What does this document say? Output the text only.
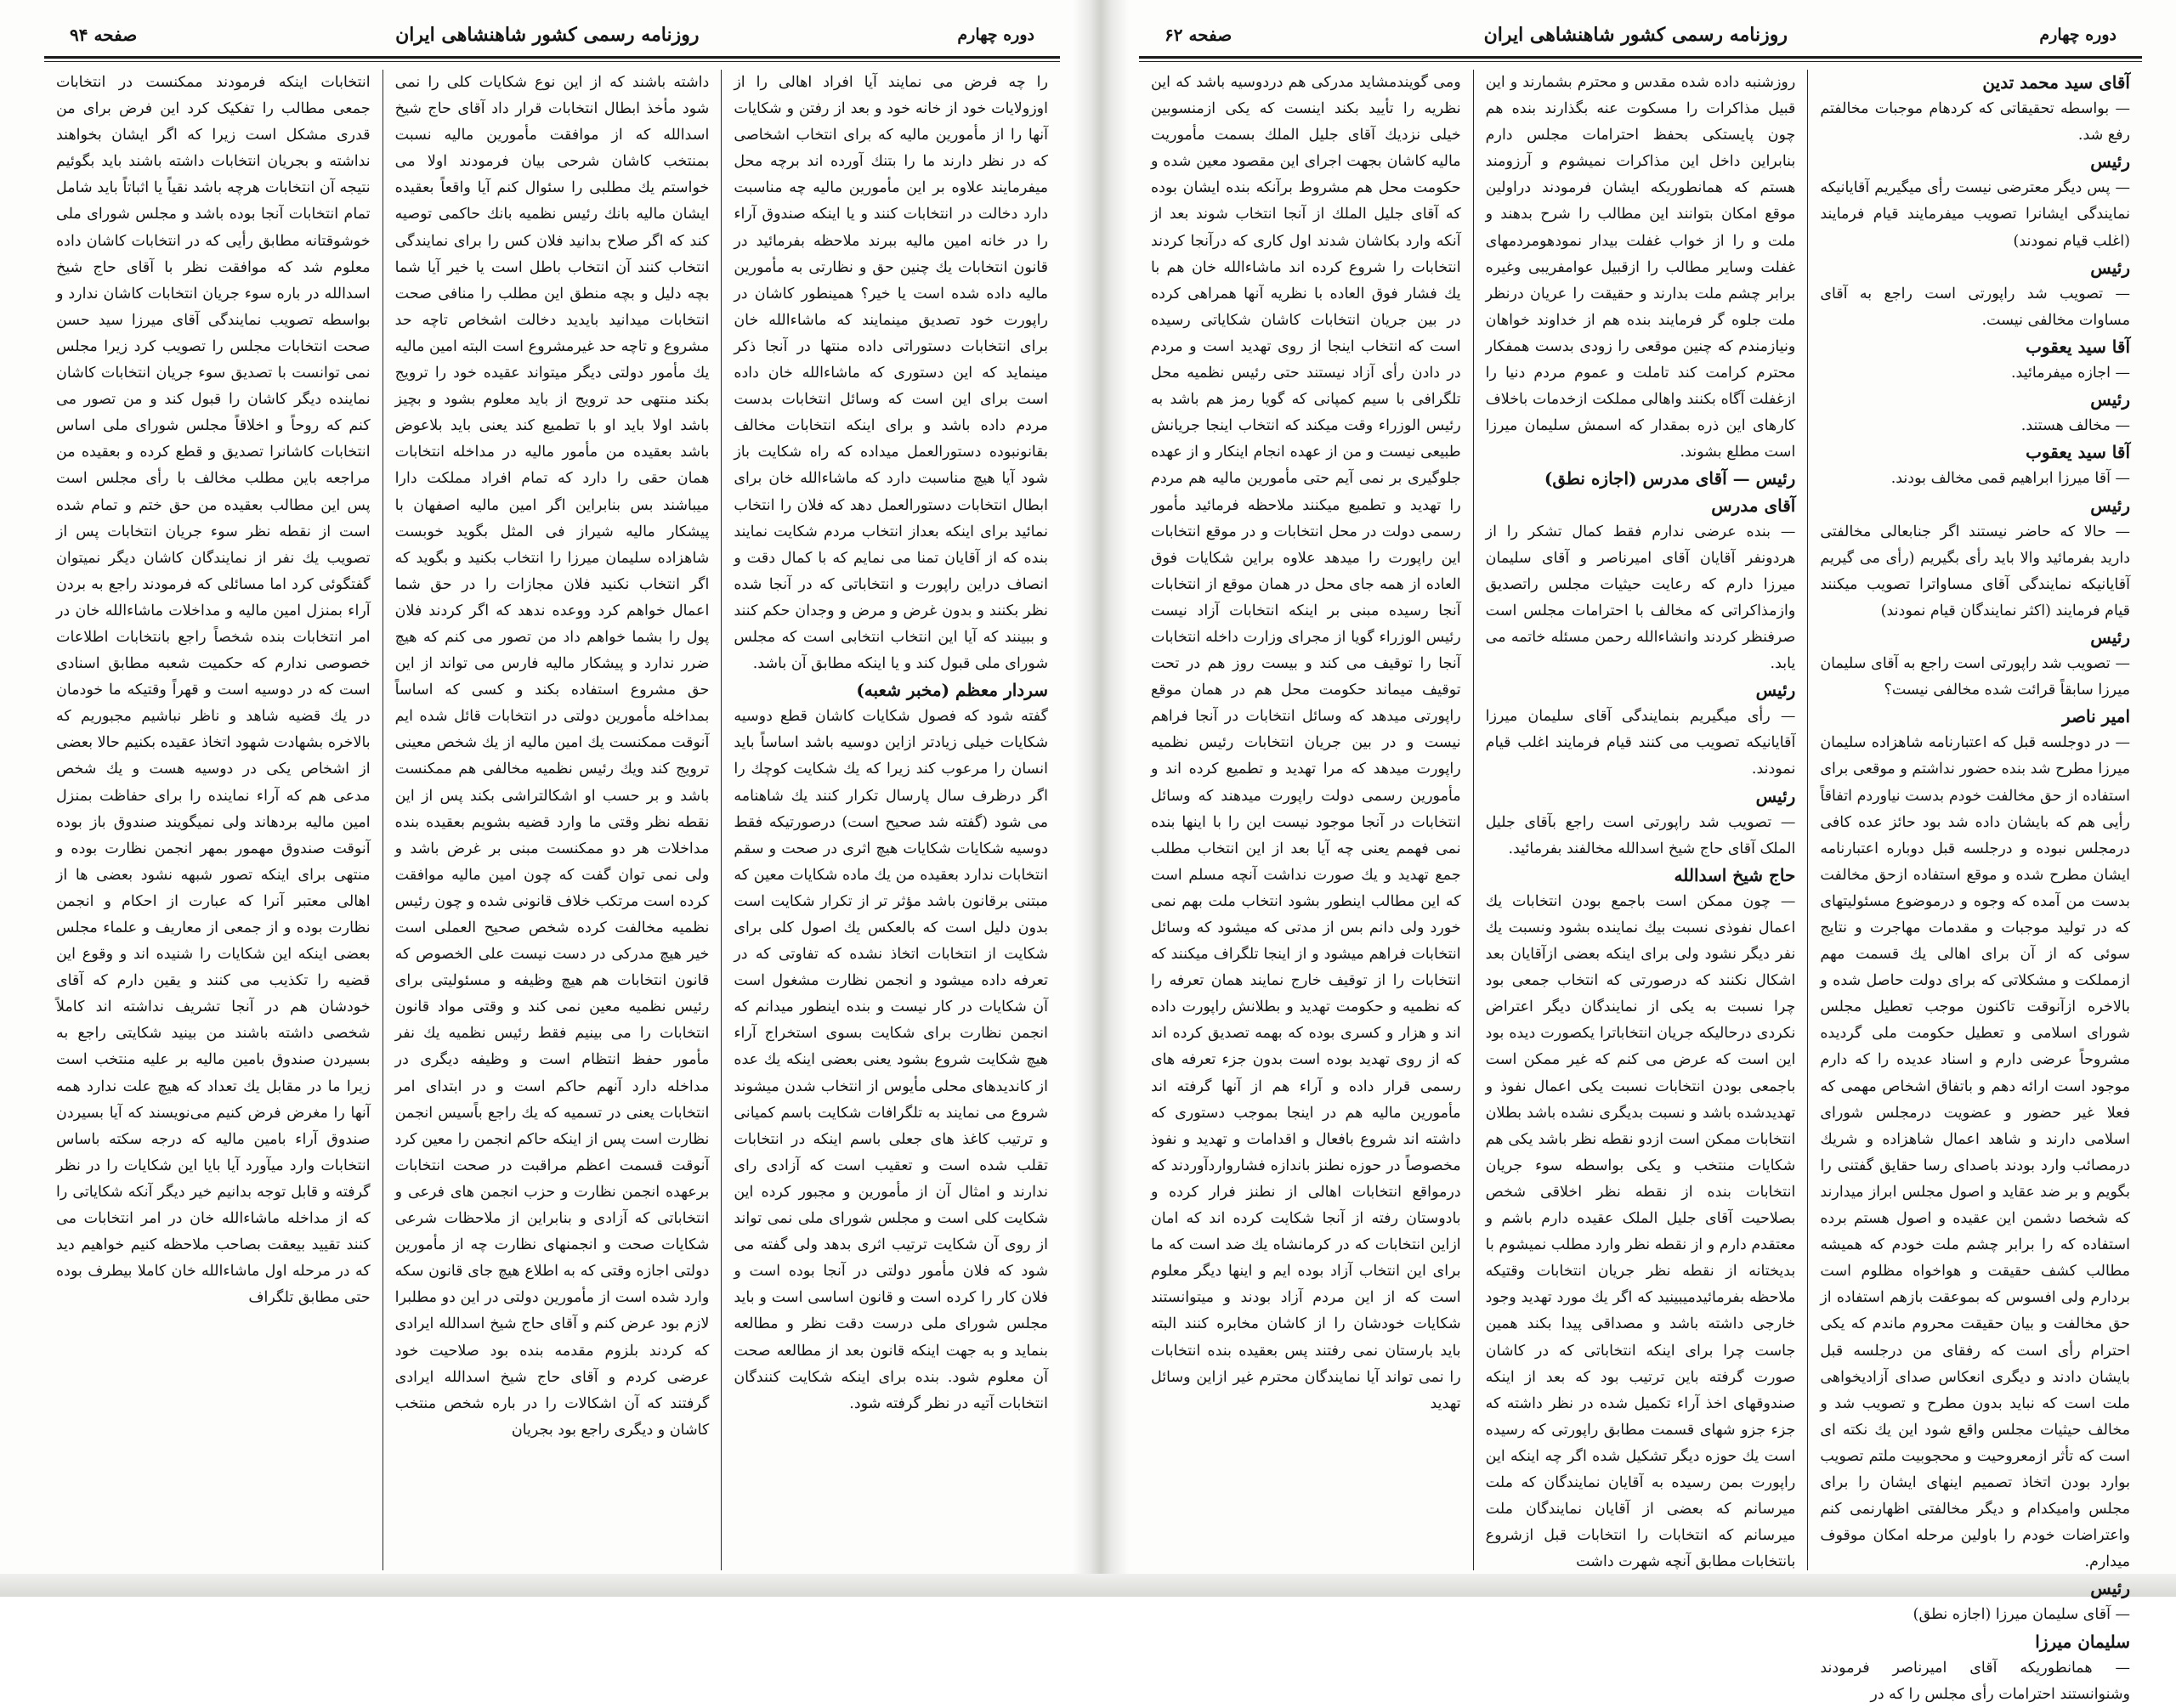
دوره چهارم
روزنامه رسمی کشور شاهنشاهی ایران
صفحه ۹۴

را چه فرض می نمایند آیا افراد اهالی را از اوزولایات خود از خانه خود و بعد از رفتن و شکایات آنها را از مأمورین مالیه که برای انتخاب اشخاصی که در نظر دارند ما را بتنك آورده اند برچه محل میفرمایند علاوه بر این مأمورین مالیه چه مناسبت دارد دخالت در انتخابات کنند و یا اینکه صندوق آراء را در خانه امین مالیه ببرند ملاحظه بفرمائید در قانون انتخابات یك چنین حق و نظارتی به مأمورین مالیه داده شده است یا خیر؟ همینطور کاشان در راپورت خود تصدیق مینمایند که ماشاءالله خان برای انتخابات دستوراتی داده منتها در آنجا ذکر مینماید که این دستوری که ماشاءالله خان داده است برای این است که وسائل انتخابات بدست مردم داده باشد و برای اینکه انتخابات مخالف بقانونبوده دستورالعمل میداده که راه شکایت باز شود آیا هیچ مناسبت دارد که ماشاءالله خان برای ابطال انتخابات دستورالعمل دهد که فلان را انتخاب نمائید برای اینکه بعداز انتخاب مردم شکایت نمایند بنده که از آقایان تمنا می نمایم که با کمال دقت و انصاف دراین راپورت و انتخاباتی که در آنجا شده نظر بکنند و بدون غرض و مرض و وجدان حکم کنند و ببینند که آیا این انتخاب انتخابی است که مجلس شورای ملی قبول کند و یا اینکه مطابق آن باشد.

سردار معظم (مخبر شعبه)

گفته شود که فصول شکایات کاشان قطع دوسیه شکایات خیلی زیادتر ازاین دوسیه باشد اساساً باید انسان را مرعوب کند زیرا که یك شکایت کوچك را اگر درظرف سال پارسال تکرار کنند یك شاهنامه می شود (گفته شد صحیح است) درصورتیکه فقط دوسیه شکایات شکایات هیچ اثری در صحت و سقم انتخابات ندارد بعقیده من یك ماده شکایات معین که مبتنی برقانون باشد مؤثر تر از تکرار شکایت است بدون دلیل است که بالعکس یك اصول کلی برای شکایت از انتخابات اتخاذ نشده که تفاوتی که در تعرفه داده میشود و انجمن نظارت مشغول است آن شکایات در کار نیست و بنده اینطور میدانم که انجمن نظارت برای شکایت بسوی استخراج آراء هیچ شکایت شروع بشود یعنی بعضی اینکه یك عده از کاندیدهای محلی مأیوس از انتخاب شدن میشوند شروع می نمایند به تلگرافات شکایت باسم کمیانی و ترتیب کاغذ های جعلی باسم اینکه در انتخابات تقلب شده است و تعقیب است که آزادی رای ندارند و امثال آن از مأمورین و مجبور کرده این شکایت کلی است و مجلس شورای ملی نمی تواند از روی آن شکایت ترتیب اثری بدهد ولی گفته می شود که فلان مأمور دولتی در آنجا بوده است و فلان کار را کرده است و قانون اساسی است و باید مجلس شورای ملی درست دقت نظر و مطالعه بنماید و به جهت اینکه قانون بعد از مطالعه صحت آن معلوم شود. بنده برای اینکه شکایت کنندگان انتخابات آتیه در نظر گرفته شود.

داشته باشند که از این نوع شکایات کلی را نمی شود مأخذ ابطال انتخابات قرار داد آقای حاج شیخ اسدالله که از موافقت مأمورین مالیه نسبت بمنتخب کاشان شرحی بیان فرمودند اولا می خواستم یك مطلبی را سئوال کنم آیا واقعاً بعقیده ایشان مالیه بانك رئیس نظمیه بانك حاکمی توصیه کند که اگر صلاح بدانید فلان کس را برای نمایندگی انتخاب کنند آن انتخاب باطل است یا خیر آیا شما بچه دلیل و بچه منطق این مطلب را منافی صحت انتخابات میدانید بایدید دخالت اشخاص تاچه حد مشروع و تاچه حد غیرمشروع است البته امین مالیه یك مأمور دولتی دیگر میتواند عقیده خود را ترویج بکند منتهی حد ترویج از باید معلوم بشود و بچیز باشد اولا باید او با تطمیع کند یعنی باید بلاعوض باشد بعقیده من مأمور مالیه در مداخله انتخابات همان حقی را دارد که تمام افراد مملکت دارا میباشند بس بنابراین اگر امین مالیه اصفهان با پیشکار مالیه شیراز فی المثل بگوید خوبست شاهزاده سلیمان میرزا را انتخاب بکنید و بگوید که اگر انتخاب نکنید فلان مجازات را در حق شما اعمال خواهم کرد ووعده ندهد که اگر کردند فلان پول را بشما خواهم داد من تصور می کنم که هیچ ضرر ندارد و پیشکار مالیه فارس می تواند از این حق مشروع استفاده بکند و کسی که اساساً بمداخله مأمورین دولتی در انتخابات قائل شده ایم آنوقت ممکنست یك امین مالیه از یك شخص معینی ترویج کند ویك رئیس نظمیه مخالفی هم ممکنست باشد و بر حسب او اشکالتراشی بکند پس از این نقطه نظر وقتی ما وارد قضیه بشویم بعقیده بنده مداخلات هر دو ممکنست مبنی بر غرض باشد و ولی نمی توان گفت که چون امین مالیه موافقت کرده است مرتکب خلاف قانونی شده و چون رئیس نظمیه مخالفت کرده شخص صحیح العملی است خیر هیچ مدرکی در دست نیست علی الخصوص که قانون انتخابات هم هیچ وظیفه و مسئولیتی برای رئیس نظمیه معین نمی کند و وقتی مواد قانون انتخابات را می بینیم فقط رئیس نظمیه یك نفر مأمور حفظ انتظام است و وظیفه دیگری در مداخله دارد آنهم حاکم است و در ابتدای امر انتخابات یعنی در تسمیه که یك راجع باًسیس انجمن نظارت است پس از اینکه حاکم انجمن را معین کرد آنوقت قسمت اعظم مراقبت در صحت انتخابات برعهده انجمن نظارت و حزب انجمن های فرعی و انتخاباتی که آزادی و بنابراین از ملاحظات شرعی شکایات صحت و انجمنهای نظارت چه از مأمورین دولتی اجازه وقتی که به اطلاع هیچ جای قانون سکه وارد شده است از مأمورین دولتی در این دو مطلبرا لازم بود عرض کنم و آقای حاج شیخ اسدالله ایرادی که کردند بلزوم مقدمه بنده بود صلاحیت خود عرضی کردم و آقای حاج شیخ اسدالله ایرادی گرفتند که آن اشکالات را در باره شخص منتخب کاشان و دیگری راجع بود بجریان

انتخابات اینکه فرمودند ممکنست در انتخابات جمعی مطالب را تفکیک کرد این فرض برای من قدری مشکل است زیرا که اگر ایشان بخواهند نداشته و بجریان انتخابات داشته باشند باید بگوئیم نتیجه آن انتخابات هرچه باشد نقیاً یا اثباتاً باید شامل تمام انتخابات آنجا بوده باشد و مجلس شورای ملی خوشوقتانه مطابق رأیی که در انتخابات کاشان داده معلوم شد که موافقت نظر با آقای حاج شیخ اسدالله در باره سوء جریان انتخابات کاشان ندارد و بواسطه تصویب نمایندگی آقای میرزا سید حسن صحت انتخابات مجلس را تصویب کرد زیرا مجلس نمی توانست با تصدیق سوء جریان انتخابات کاشان نماینده دیگر کاشان را قبول کند و من تصور می کنم که روحاً و اخلاقاً مجلس شورای ملی اساس انتخابات کاشانرا تصدیق و قطع کرده و بعقیده من مراجعه باین مطلب مخالف با رأی مجلس است پس این مطالب بعقیده من حق ختم و تمام شده است از نقطه نظر سوء جریان انتخابات پس از تصویب یك نفر از نمایندگان کاشان دیگر نمیتوان گفتگوئی کرد اما مسائلی که فرمودند راجع به بردن آراء بمنزل امین مالیه و مداخلات ماشاءالله خان در امر انتخابات بنده شخصاً راجع بانتخابات اطلاعات خصوصی ندارم که حکمیت شعبه مطابق اسنادی است که در دوسیه است و قهراً وقتیکه ما خودمان در یك قضیه شاهد و ناظر نباشیم مجبوریم که بالاخره بشهادت شهود اتخاذ عقیده بکنیم حالا بعضی از اشخاص یکی در دوسیه هست و یك شخص مدعی هم که آراء نماینده را برای حفاظت بمنزل امین مالیه بردهاند ولی نمیگویند صندوق باز بوده آنوقت صندوق مهمور بمهر انجمن نظارت بوده و منتهی برای اینکه تصور شبهه نشود بعضی ها از اهالی معتبر آنرا که عبارت از احکام و انجمن نظارت بوده و از جمعی از معاریف و علماء مجلس بعضی اینکه این شکایات را شنیده اند و وقوع این قضیه را تکذیب می کنند و یقین دارم که آقای خودشان هم در آنجا تشریف نداشته اند کاملاً شخصی داشته باشند من بینید شکایتی راجع به بسیردن صندوق بامین مالیه بر علیه منتخب است زیرا ما در مقابل یك تعداد که هیچ علت ندارد همه آنها را مغرض فرض کنیم می‌نویسند که آیا بسیردن صندوق آراء بامین مالیه که درجه سکته باساس انتخابات وارد میآورد آیا بایا این شکایات را در نظر گرفته و قابل توجه بدانیم خیر دیگر آنکه شکایاتی را که از مداخله ماشاءالله خان در امر انتخابات می کنند تقیید بیعقت بصاحب ملاحظه کنیم خواهیم دید که در مرحله اول ماشاءالله خان کاملا بیطرف بوده حتی مطابق تلگراف

دوره چهارم
روزنامه رسمی کشور شاهنشاهی ایران
صفحه ۶۲
آقای سید محمد تدین

— بواسطه تحقیقاتی که کردهام موجبات مخالفتم رفع شد.

رئیس

— پس دیگر معترضی نیست رأی میگیریم آقایانیکه نمایندگی ایشانرا تصویب میفرمایند قیام فرمایند (اغلب قیام نمودند)

رئیس

— تصویب شد راپورتی است راجع به آقای مساوات مخالفی نیست.

آقا سید یعقوب

— اجازه میفرمائید.

رئیس

— مخالف هستند.

آقا سید یعقوب

— آقا میرزا ابراهیم قمی مخالف بودند.

رئیس

— حالا که حاضر نیستند اگر جنابعالی مخالفتی دارید بفرمائید والا باید رأی بگیریم (رأی می گیریم آقایانیکه نمایندگی آقای مساواترا تصویب میکنند قیام فرمایند (اکثر نمایندگان قیام نمودند)

رئیس

— تصویب شد راپورتی است راجع به آقای سلیمان میرزا سابقاً قرائت شده مخالفی نیست؟

امیر ناصر

— در دوجلسه قبل که اعتبارنامه شاهزاده سلیمان میرزا مطرح شد بنده حضور نداشتم و موقعی برای استفاده از حق مخالفت خودم بدست نیاوردم اتفاقاً رأیی هم که بایشان داده شد بود حائز عده کافی درمجلس نبوده و درجلسه قبل دوباره اعتبارنامه ایشان مطرح شده و موقع استفاده ازحق مخالفت بدست من آمده که وجوه و درموضوع مسئولیتهای که در تولید موجبات و مقدمات مهاجرت و نتایج سوئی که از آن برای اهالی یك قسمت مهم ازمملکت و مشکلاتی که برای دولت حاصل شده و بالاخره ازآنوقت تاکنون موجب تعطیل مجلس شورای اسلامی و تعطیل حکومت ملی گردیده مشروحاً عرضی دارم و اسناد عدیده را که دارم موجود است ارائه دهم و باتفاق اشخاص مهمی که فعلا غیر حضور و عضویت درمجلس شورای اسلامی دارند و شاهد اعمال شاهزاده و شریك درمصائب وارد بودند باصدای رسا حقایق گفتنی را بگویم و بر ضد عقاید و اصول مجلس ابراز میدارند که شخصا دشمن این عقیده و اصول هستم برده استفاده که را برابر چشم ملت خودم که همیشه مطالب کشف حقیقت و هواخواه مظلوم است بردارم ولی افسوس که بموعقت بازهم استفاده از حق مخالفت و بیان حقیقت محروم ماندم که یکی احترام رأی است که رفقای من درجلسه قبل بایشان دادند و دیگری انعکاس صدای آزادیخواهی ملت است که نباید بدون مطرح و تصویب شد و مخالف حیثیات مجلس واقع شود این یك نکته ای است که تأثر ازمعروحیت و محجوبیت ملتم تصویب بوارد بودن اتخاذ تصمیم اینهای ایشان را برای مجلس وامیکدام و دیگر مخالفتی اظهارنمی کنم واعتراضات خودم را باولین مرحله امکان موقوف میدارم.

رئیس

— آقای سلیمان میرزا (اجازه نطق)

سلیمان میرزا

— همانطوریکه آقای امیرناصر فرمودند وشنوانستند احترامات رأی مجلس را که در

روزشنبه داده شده مقدس و محترم بشمارند و این قبیل مذاکرات را مسکوت عنه بگذارند بنده هم چون پایستکی بحفظ احترامات مجلس دارم بنابراین داخل این مذاکرات نمیشوم و آرزومند هستم که همانطوریکه ایشان فرمودند دراولین موقع امکان بتوانند این مطالب را شرح بدهند و ملت و را از خواب غفلت بیدار نمودهومردمهای غفلت وسایر مطالب را ازقبیل عوامفریبی وغیره برابر چشم ملت بدارند و حقیقت را عریان درنظر ملت جلوه گر فرمایند بنده هم از خداوند خواهان ونیازمندم که چنین موقعی را زودی بدست همفکار محترم کرامت کند تاملت و عموم مردم دنیا را ازغفلت آگاه بکنند واهالی مملکت ازخدمات باخلاف کارهای این ذره بمقدار که اسمش سلیمان میرزا است مطلع بشوند.

رئیس — آقای مدرس (اجازه نطق)
آقای مدرس

— بنده عرضی ندارم فقط کمال تشکر را از هردونفر آقایان آقای امیرناصر و آقای سلیمان میرزا دارم که رعایت حیثیات مجلس راتصدیق وازمذاکراتی که مخالف با احترامات مجلس است صرفنظر کردند وانشاءالله رحمن مسئله خاتمه می یابد.

رئیس

— رأی میگیریم بنمایندگی آقای سلیمان میرزا آقایانیکه تصویب می کنند قیام فرمایند اغلب قیام نمودند.

رئیس

— تصویب شد راپورتی است راجع بآقای جلیل الملک آقای حاج شیخ اسدالله مخالفند بفرمائید.

حاج شیخ اسدالله

— چون ممکن است باجمع بودن انتخابات یك اعمال نفوذی نسبت بیك نماینده بشود ونسبت یك نفر دیگر نشود ولی برای اینکه بعضی ازآقایان بعد اشکال نکنند که درصورتی که انتخاب جمعی بود چرا نسبت به یکی از نمایندگان دیگر اعتراض نکردی درحالیکه جریان انتخاباترا یکصورت دیده بود این است که عرض می کنم که غیر ممکن است باجمعی بودن انتخابات نسبت یکی اعمال نفوذ و تهدیدشده باشد و نسبت بدیگری نشده باشد بطلان انتخابات ممکن است ازدو نقطه نظر باشد یکی هم شکایات منتخب و یکی بواسطه سوء جریان انتخابات بنده از نقطه نظر اخلاقی شخص بصلاحیت آقای جلیل الملک عقیده دارم باشم و معتقدم دارم و از نقطه نظر وارد مطلب نمیشوم با بدیختانه از نقطه نظر جریان انتخابات وقتیکه ملاحظه بفرمائیدمیبینید که اگر یك مورد تهدید وجود خارجی داشته باشد و مصداقی پیدا بکند همین جاست چرا برای اینکه انتخاباتی که در کاشان صورت گرفته باین ترتیب بود که بعد از اینکه صندوقهای اخذ آراء تکمیل شده در نظر داشته که جزء جزو شهای قسمت مطابق راپورتی که رسیده است یك حوزه دیگر تشکیل شده اگر چه اینکه این راپورت بمن رسیده به آقایان نمایندگان که ملت میرسانم که بعضی از آقایان نمایندگان ملت میرسانم که انتخابات را انتخابات قبل ازشروع بانتخابات مطابق آنچه شهرت داشت

ومی گویندمشاید مدرکی هم دردوسیه باشد که این نظریه را تأیید بکند اینست که یکی ازمنسوبین خیلی نزدیك آقای جلیل الملك بسمت مأموریت مالیه کاشان بجهت اجرای این مقصود معین شده و حکومت محل هم مشروط برآنکه بنده ایشان بوده که آقای جلیل الملك از آنجا انتخاب شوند بعد از آنکه وارد بکاشان شدند اول کاری که درآنجا کردند انتخابات را شروع کرده اند ماشاءالله خان هم با یك فشار فوق العاده با نظریه آنها همراهی کرده در بین جریان انتخابات کاشان شکایاتی رسیده است که انتخاب اینجا از روی تهدید است و مردم در دادن رأی آزاد نیستند حتی رئیس نظمیه محل تلگرافی با سیم کمپانی که گویا رمز هم باشد به رئیس الوزراء وقت میکند که انتخاب اینجا جریانش طبیعی نیست و من از عهده انجام اینکار و از عهده جلوگیری بر نمی آیم حتی مأمورین مالیه هم مردم را تهدید و تطمیع میکنند ملاحظه فرمائید مأمور رسمی دولت در محل انتخابات و در موقع انتخابات این راپورت را میدهد علاوه براین شکایات فوق العاده از همه جای محل در همان موقع از انتخابات آنجا رسیده مبنی بر اینکه انتخابات آزاد نیست رئیس الوزراء گویا از مجرای وزارت داخله انتخابات آنجا را توقیف می کند و بیست روز هم در تحت توقیف میماند حکومت محل هم در همان موقع راپورتی میدهد که وسائل انتخابات در آنجا فراهم نیست و در بین جریان انتخابات رئیس نظمیه راپورت میدهد که مرا تهدید و تطمیع کرده اند و مأمورین رسمی دولت راپورت میدهند که وسائل انتخابات در آنجا موجود نیست این را با اینها بنده نمی فهمم یعنی چه آیا بعد از این انتخاب مطلب جمع تهدید و یك صورت نداشت آنچه مسلم است که این مطالب اینطور بشود انتخاب ملت بهم نمی خورد ولی دانم بس از مدتی که میشود که وسائل انتخابات فراهم میشود و از اینجا تلگراف میکنند که انتخابات را از توقیف خارج نمایند همان تعرفه را که نظمیه و حکومت تهدید و بطلانش راپورت داده اند و هزار و کسری بوده که بهمه تصدیق کرده اند که از روی تهدید بوده است بدون جزء تعرفه های رسمی قرار داده و آراء هم از آنها گرفته اند مأمورین مالیه هم در اینجا بموجب دستوری که داشته اند شروع بافعال و اقدامات و تهدید و نفوذ مخصوصاً در حوزه نطنز باندازه فشارواردآوردند که درمواقع انتخابات اهالی از نطنز فرار کرده و بادوستان رفته از آنجا شکایت کرده اند که امان ازاین انتخابات که در کرمانشاه یك ضد است که ما برای این انتخاب آزاد بوده ایم و اینها دیگر معلوم است که از این مردم آزاد بودند و میتوانستند شکایات خودشان را از کاشان مخابره کنند البته باید بارستان نمی رفتند پس بعقیده بنده انتخابات را نمی تواند آیا نمایندگان محترم غیر ازاین وسائل تهدید
